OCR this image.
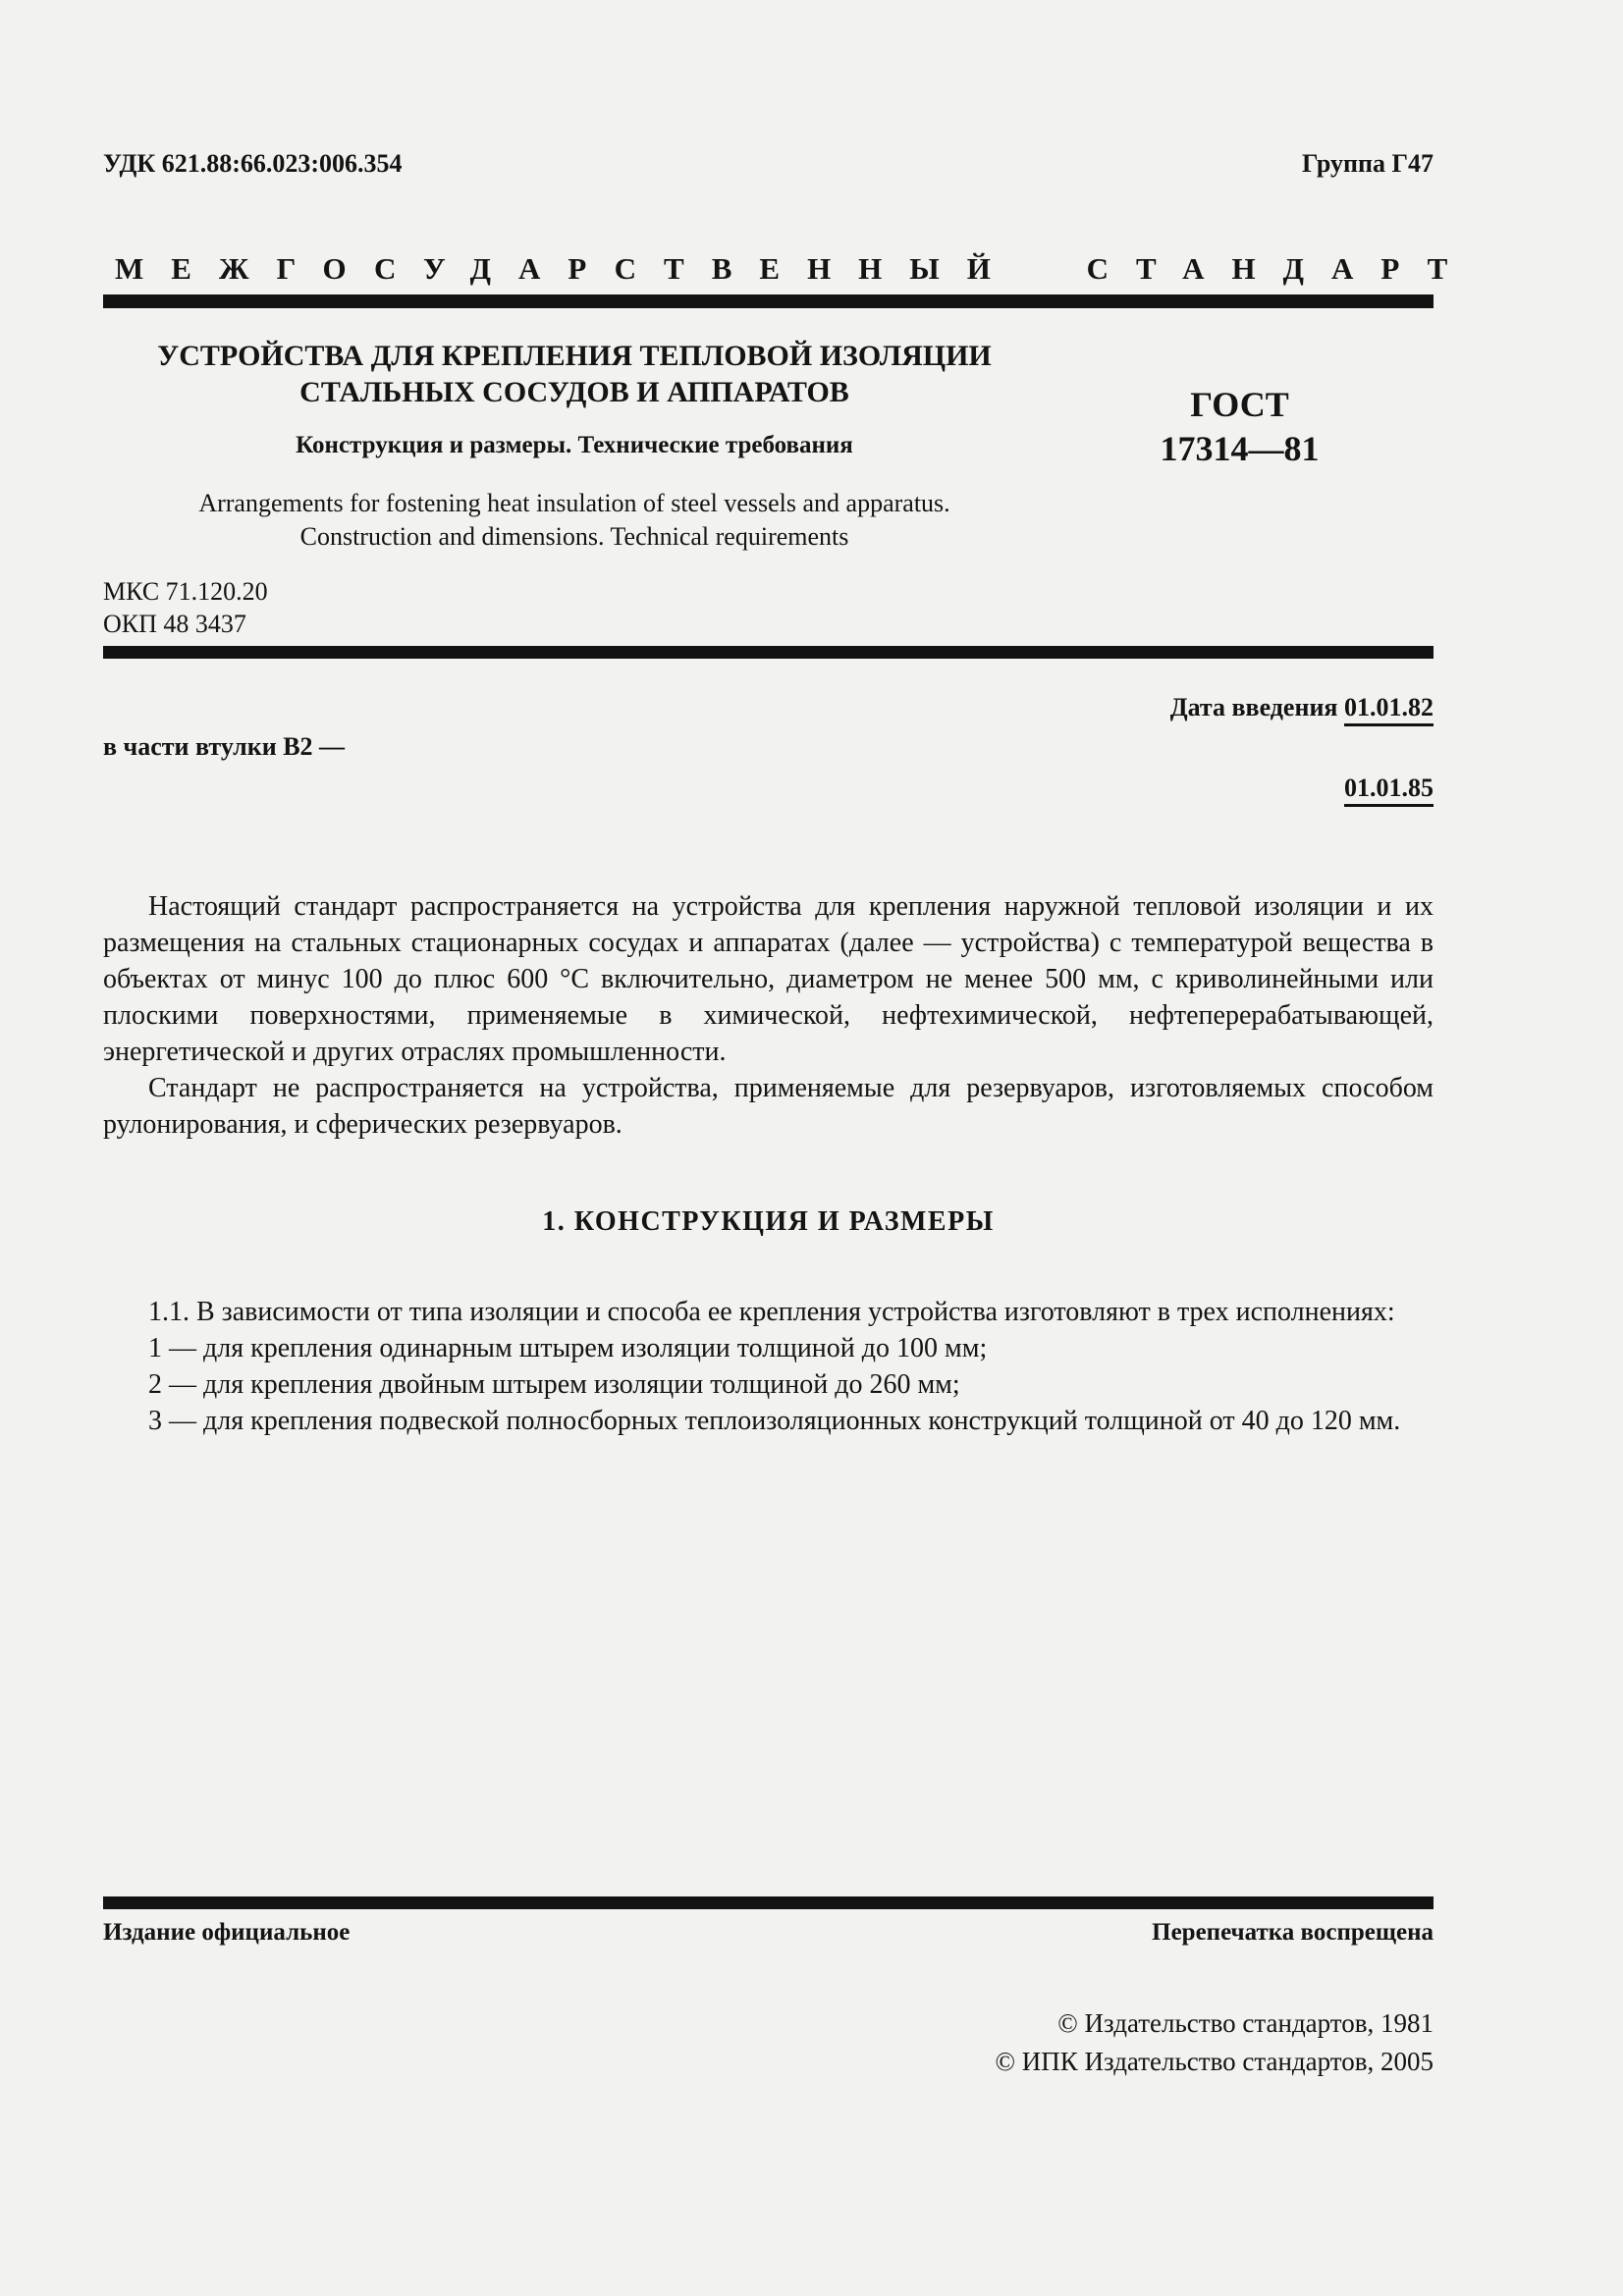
УДК 621.88:66.023:006.354	Группа Г47
МЕЖГОСУДАРСТВЕННЫЙ СТАНДАРТ
УСТРОЙСТВА ДЛЯ КРЕПЛЕНИЯ ТЕПЛОВОЙ ИЗОЛЯЦИИ
СТАЛЬНЫХ СОСУДОВ И АППАРАТОВ
Конструкция и размеры. Технические требования
Arrangements for fostening heat insulation of steel vessels and apparatus.
Construction and dimensions. Technical requirements
МКС 71.120.20
ОКП 48 3437
ГОСТ
17314—81
Дата введения 01.01.82
в части втулки В2 —
01.01.85

Настоящий стандарт распространяется на устройства для крепления наружной тепловой изоляции и их размещения на стальных стационарных сосудах и аппаратах (далее — устройства) с температурой вещества в объектах от минус 100 до плюс 600 °С включительно, диаметром не менее 500 мм, с криволинейными или плоскими поверхностями, применяемые в химической, нефтехимической, нефтеперерабатывающей, энергетической и других отраслях промышленности.

Стандарт не распространяется на устройства, применяемые для резервуаров, изготовляемых способом рулонирования, и сферических резервуаров.

1. КОНСТРУКЦИЯ И РАЗМЕРЫ

1.1. В зависимости от типа изоляции и способа ее крепления устройства изготовляют в трех исполнениях:

1 — для крепления одинарным штырем изоляции толщиной до 100 мм;

2 — для крепления двойным штырем изоляции толщиной до 260 мм;

3 — для крепления подвеской полносборных теплоизоляционных конструкций толщиной от 40 до 120 мм.

Издание официальное	Перепечатка воспрещена
© Издательство стандартов, 1981
© ИПК Издательство стандартов, 2005
